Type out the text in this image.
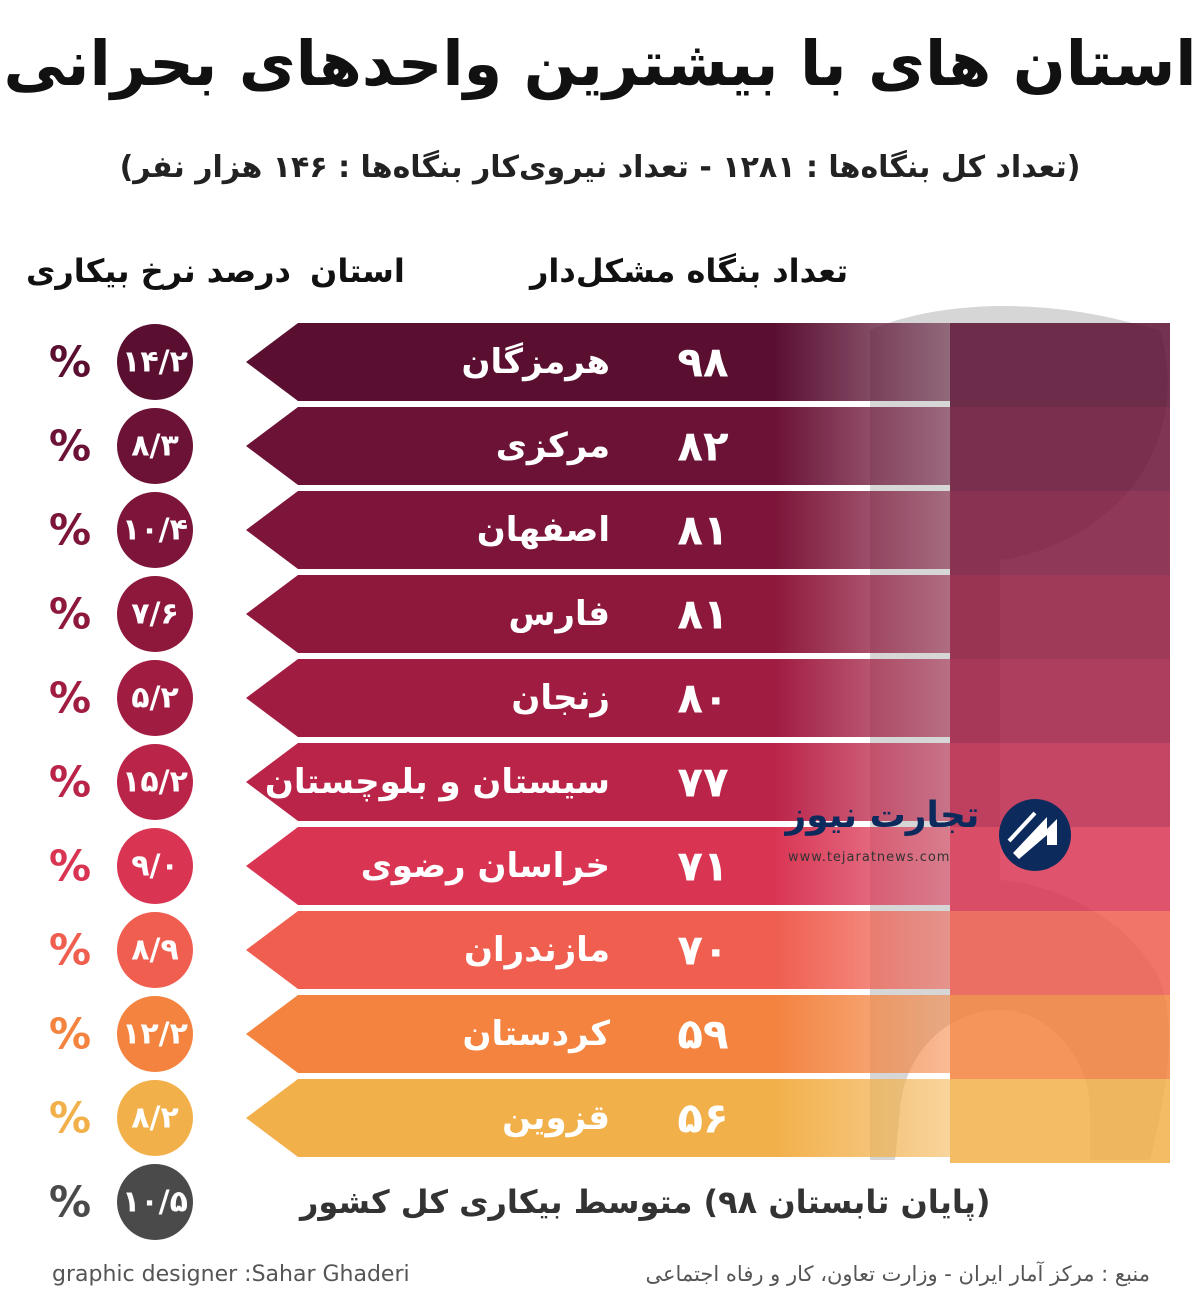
استان های با بیشترین واحدهای بحرانی
(تعداد کل بنگاه‌ها : ۱۲۸۱ - تعداد نیروی‌کار بنگاه‌ها : ۱۴۶ هزار نفر)
تعداد بنگاه مشکل‌دار
استان
درصد نرخ بیکاری
هرمزگان ۹۸
۱۴/۲
%
مرکزی ۸۲
۸/۳
%
اصفهان ۸۱
۱۰/۴
%
فارس ۸۱
۷/۶
%
زنجان ۸۰
۵/۲
%
سیستان و بلوچستان ۷۷
۱۵/۲
%
خراسان رضوی ۷۱
۹/۰
%
مازندران ۷۰
۸/۹
%
کردستان ۵۹
۱۲/۲
%
قزوین ۵۶
۸/۲
%
۱۰/۵
%	(پایان تابستان ۹۸) متوسط بیکاری کل کشور
تجارت نیوز
www.tejaratnews.com
graphic designer :Sahar Ghaderi	منبع : مرکز آمار ایران - وزارت تعاون، کار و رفاه اجتماعی
